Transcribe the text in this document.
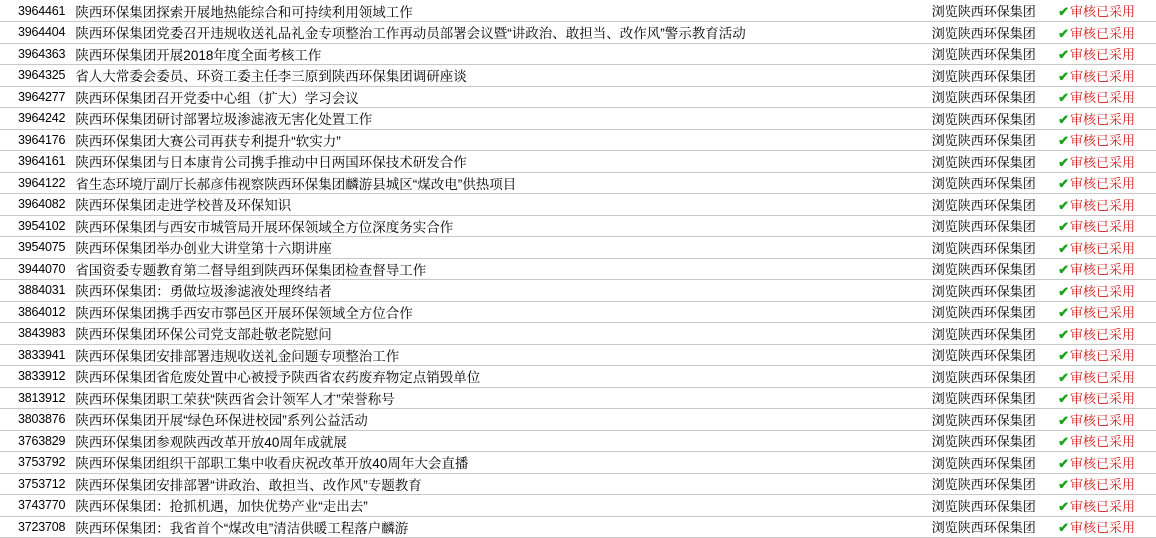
3964461	陕西环保集团探索开展地热能综合和可持续利用领域工作	浏览陕西环保集团	✔审核已采用
3964404	陕西环保集团党委召开违规收送礼品礼金专项整治工作再动员部署会议暨“讲政治、敢担当、改作风”警示教育活动	浏览陕西环保集团	✔审核已采用
3964363	陕西环保集团开展2018年度全面考核工作	浏览陕西环保集团	✔审核已采用
3964325	省人大常委会委员、环资工委主任李三原到陕西环保集团调研座谈	浏览陕西环保集团	✔审核已采用
3964277	陕西环保集团召开党委中心组（扩大）学习会议	浏览陕西环保集团	✔审核已采用
3964242	陕西环保集团研讨部署垃圾渗滤液无害化处置工作	浏览陕西环保集团	✔审核已采用
3964176	陕西环保集团大赛公司再获专利提升“软实力”	浏览陕西环保集团	✔审核已采用
3964161	陕西环保集团与日本康肯公司携手推动中日两国环保技术研发合作	浏览陕西环保集团	✔审核已采用
3964122	省生态环境厅副厅长郝彦伟视察陕西环保集团麟游县城区“煤改电”供热项目	浏览陕西环保集团	✔审核已采用
3964082	陕西环保集团走进学校普及环保知识	浏览陕西环保集团	✔审核已采用
3954102	陕西环保集团与西安市城管局开展环保领域全方位深度务实合作	浏览陕西环保集团	✔审核已采用
3954075	陕西环保集团举办创业大讲堂第十六期讲座	浏览陕西环保集团	✔审核已采用
3944070	省国资委专题教育第二督导组到陕西环保集团检查督导工作	浏览陕西环保集团	✔审核已采用
3884031	陕西环保集团：勇做垃圾渗滤液处理终结者	浏览陕西环保集团	✔审核已采用
3864012	陕西环保集团携手西安市鄠邑区开展环保领域全方位合作	浏览陕西环保集团	✔审核已采用
3843983	陕西环保集团环保公司党支部赴敬老院慰问	浏览陕西环保集团	✔审核已采用
3833941	陕西环保集团安排部署违规收送礼金问题专项整治工作	浏览陕西环保集团	✔审核已采用
3833912	陕西环保集团省危废处置中心被授予陕西省农药废弃物定点销毁单位	浏览陕西环保集团	✔审核已采用
3813912	陕西环保集团职工荣获“陕西省会计领军人才”荣誉称号	浏览陕西环保集团	✔审核已采用
3803876	陕西环保集团开展“绿色环保进校园”系列公益活动	浏览陕西环保集团	✔审核已采用
3763829	陕西环保集团参观陕西改革开放40周年成就展	浏览陕西环保集团	✔审核已采用
3753792	陕西环保集团组织干部职工集中收看庆祝改革开放40周年大会直播	浏览陕西环保集团	✔审核已采用
3753712	陕西环保集团安排部署“讲政治、敢担当、改作风”专题教育	浏览陕西环保集团	✔审核已采用
3743770	陕西环保集团：抢抓机遇，加快优势产业“走出去”	浏览陕西环保集团	✔审核已采用
3723708	陕西环保集团：我省首个“煤改电”清洁供暖工程落户麟游	浏览陕西环保集团	✔审核已采用
